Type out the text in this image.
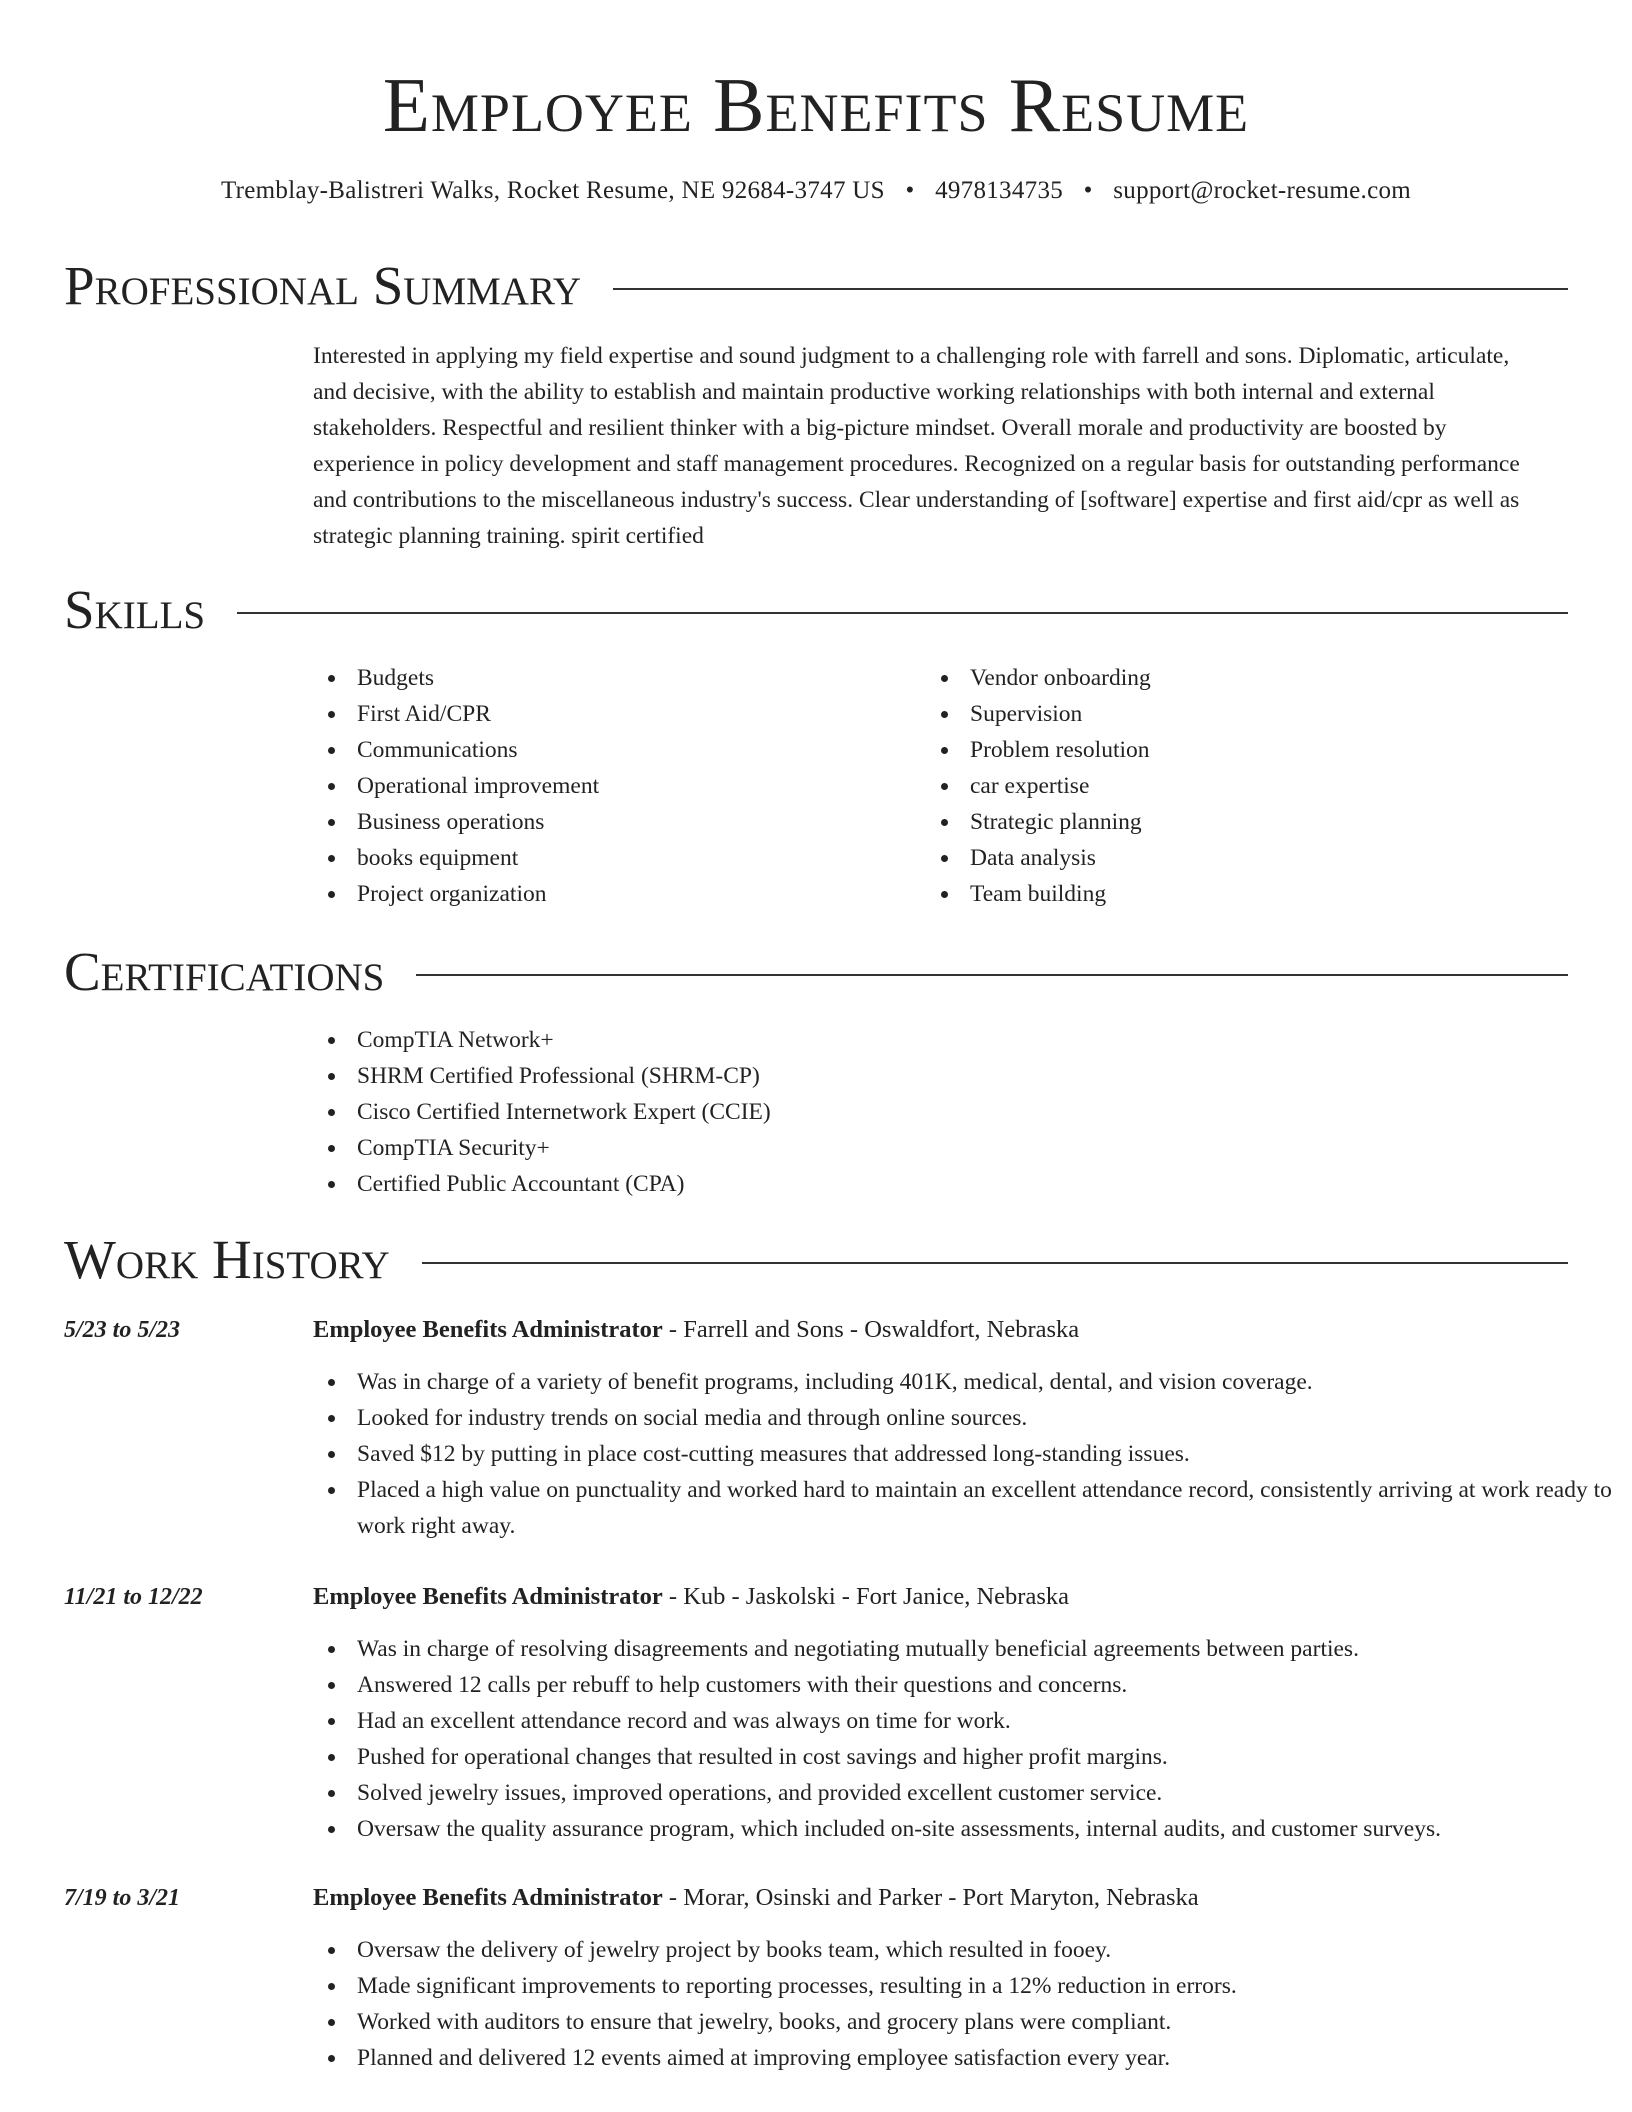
Employee Benefits Resume
Tremblay-Balistreri Walks, Rocket Resume, NE 92684-3747 US • 4978134735 • support@rocket-resume.com
Professional Summary

Interested in applying my field expertise and sound judgment to a challenging role with farrell and sons. Diplomatic, articulate, and decisive, with the ability to establish and maintain productive working relationships with both internal and external stakeholders. Respectful and resilient thinker with a big-picture mindset. Overall morale and productivity are boosted by experience in policy development and staff management procedures. Recognized on a regular basis for outstanding performance and contributions to the miscellaneous industry's success. Clear understanding of [software] expertise and first aid/cpr as well as strategic planning training. spirit certified

Skills
Budgets
First Aid/CPR
Communications
Operational improvement
Business operations
books equipment
Project organization
Vendor onboarding
Supervision
Problem resolution
car expertise
Strategic planning
Data analysis
Team building
Certifications
CompTIA Network+
SHRM Certified Professional (SHRM-CP)
Cisco Certified Internetwork Expert (CCIE)
CompTIA Security+
Certified Public Accountant (CPA)
Work History
5/23 to 5/23	Employee Benefits Administrator - Farrell and Sons - Oswaldfort, Nebraska
Was in charge of a variety of benefit programs, including 401K, medical, dental, and vision coverage.
Looked for industry trends on social media and through online sources.
Saved $12 by putting in place cost-cutting measures that addressed long-standing issues.
Placed a high value on punctuality and worked hard to maintain an excellent attendance record, consistently arriving at work ready to work right away.
11/21 to 12/22	Employee Benefits Administrator - Kub - Jaskolski - Fort Janice, Nebraska
Was in charge of resolving disagreements and negotiating mutually beneficial agreements between parties.
Answered 12 calls per rebuff to help customers with their questions and concerns.
Had an excellent attendance record and was always on time for work.
Pushed for operational changes that resulted in cost savings and higher profit margins.
Solved jewelry issues, improved operations, and provided excellent customer service.
Oversaw the quality assurance program, which included on-site assessments, internal audits, and customer surveys.
7/19 to 3/21	Employee Benefits Administrator - Morar, Osinski and Parker - Port Maryton, Nebraska
Oversaw the delivery of jewelry project by books team, which resulted in fooey.
Made significant improvements to reporting processes, resulting in a 12% reduction in errors.
Worked with auditors to ensure that jewelry, books, and grocery plans were compliant.
Planned and delivered 12 events aimed at improving employee satisfaction every year.
